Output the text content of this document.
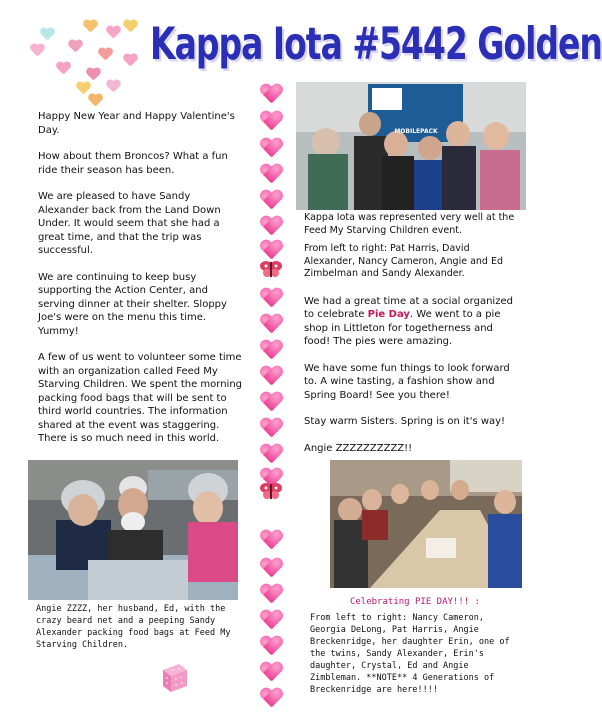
Kappa Iota #5442 Golden

Happy New Year and Happy Valentine's Day.

How about them Broncos? What a fun ride their season has been.

We are pleased to have Sandy Alexander back from the Land Down Under. It would seem that she had a great time, and that the trip was successful.

We are continuing to keep busy supporting the Action Center, and serving dinner at their shelter. Sloppy Joe's were on the menu this time. Yummy!

A few of us went to volunteer some time with an organization called Feed My Starving Children. We spent the morning packing food bags that will be sent to third world countries. The information shared at the event was staggering. There is so much need in this world.

Angie ZZZZ, her husband, Ed, with the crazy beard net and a peeping Sandy Alexander packing food bags at Feed My Starving Children.
MOBILEPACK

Kappa Iota was represented very well at the Feed My Starving Children event.

From left to right: Pat Harris, David Alexander, Nancy Cameron, Angie and Ed Zimbelman and Sandy Alexander.

We had a great time at a social organized to celebrate Pie Day. We went to a pie shop in Littleton for togetherness and food! The pies were amazing.

We have some fun things to look forward to. A wine tasting, a fashion show and Spring Board! See you there!

Stay warm Sisters. Spring is on it's way!

Angie ZZZZZZZZZZ!!

Celebrating PIE DAY!!! :
From left to right: Nancy Cameron, Georgia DeLong, Pat Harris, Angie Breckenridge, her daughter Erin, one of the twins, Sandy Alexander, Erin's daughter, Crystal, Ed and Angie Zimbleman. **NOTE** 4 Generations of Breckenridge are here!!!!
